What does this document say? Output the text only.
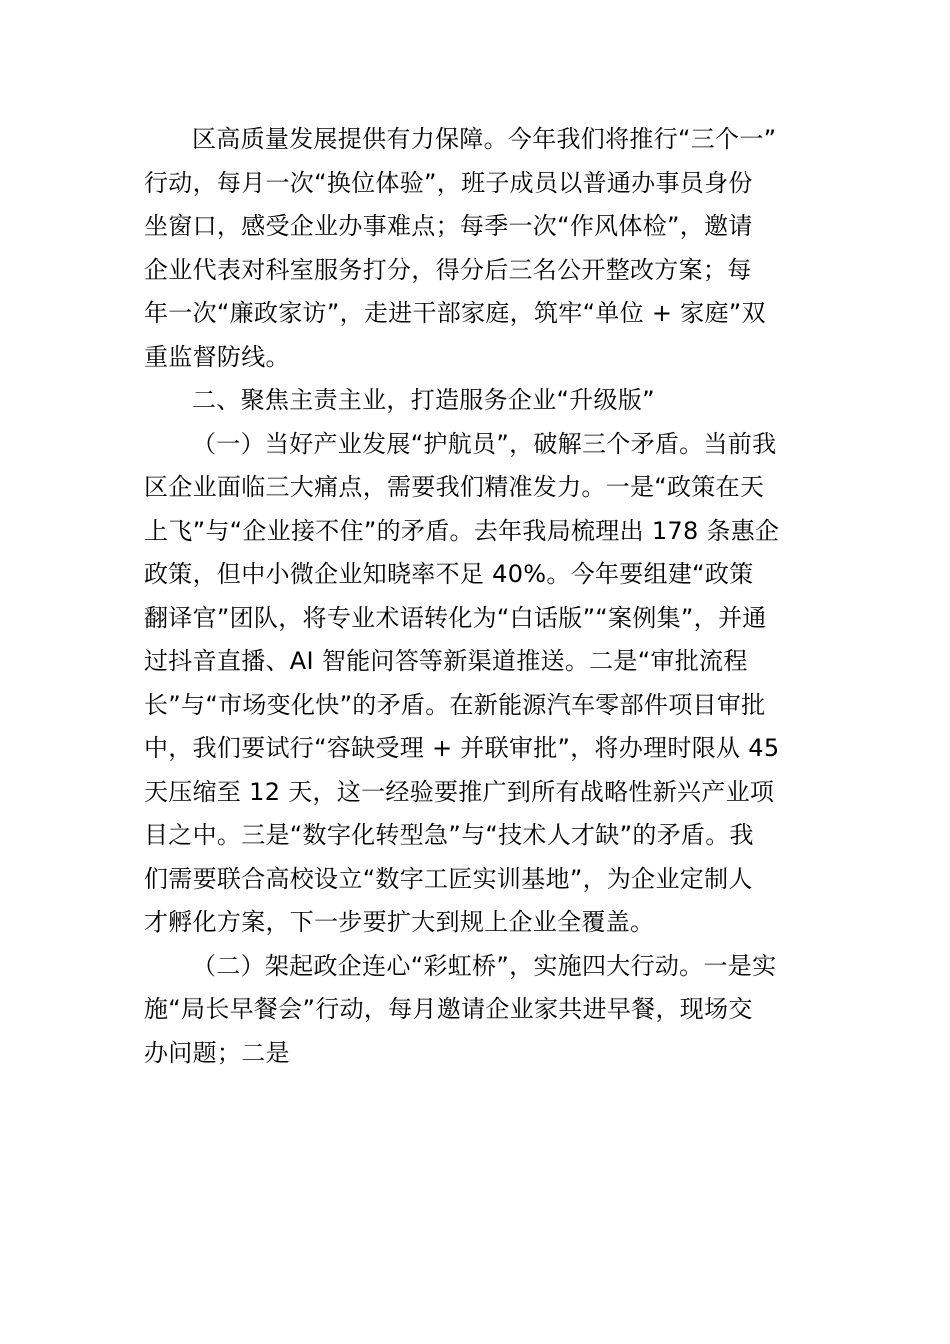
区高质量发展提供有力保障。今年我们将推行“三个一”
行动，每月一次“换位体验”，班子成员以普通办事员身份
坐窗口，感受企业办事难点；每季一次“作风体检”，邀请
企业代表对科室服务打分，得分后三名公开整改方案；每
年一次“廉政家访”，走进干部家庭，筑牢“单位 + 家庭”双
重监督防线。
二、聚焦主责主业，打造服务企业“升级版”
（一）当好产业发展“护航员”，破解三个矛盾。当前我
区企业面临三大痛点，需要我们精准发力。一是“政策在天
上飞”与“企业接不住”的矛盾。去年我局梳理出 178 条惠企
政策，但中小微企业知晓率不足 40%。今年要组建“政策
翻译官”团队，将专业术语转化为“白话版”“案例集”，并通
过抖音直播、AI 智能问答等新渠道推送。二是“审批流程
长”与“市场变化快”的矛盾。在新能源汽车零部件项目审批
中，我们要试行“容缺受理 + 并联审批”，将办理时限从 45
天压缩至 12 天，这一经验要推广到所有战略性新兴产业项
目之中。三是“数字化转型急”与“技术人才缺”的矛盾。我
们需要联合高校设立“数字工匠实训基地”，为企业定制人
才孵化方案，下一步要扩大到规上企业全覆盖。
（二）架起政企连心“彩虹桥”，实施四大行动。一是实
施“局长早餐会”行动，每月邀请企业家共进早餐，现场交
办问题；二是
